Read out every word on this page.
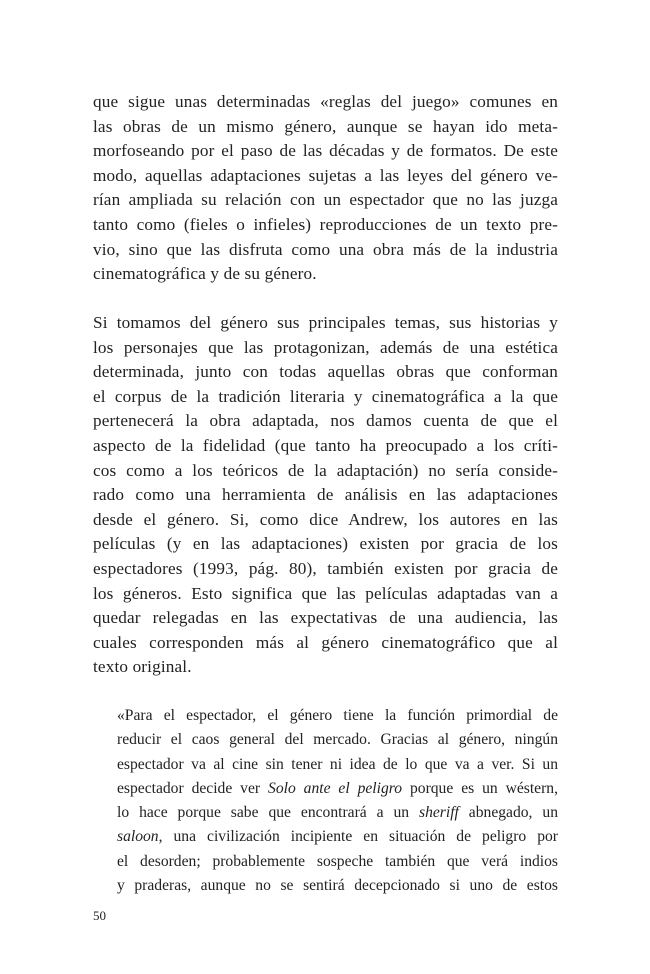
que sigue unas determinadas «reglas del juego» comunes en
las obras de un mismo género, aunque se hayan ido meta-
morfoseando por el paso de las décadas y de formatos. De este
modo, aquellas adaptaciones sujetas a las leyes del género ve-
rían ampliada su relación con un espectador que no las juzga
tanto como (fieles o infieles) reproducciones de un texto pre-
vio, sino que las disfruta como una obra más de la industria
cinematográfica y de su género.

Si tomamos del género sus principales temas, sus historias y
los personajes que las protagonizan, además de una estética
determinada, junto con todas aquellas obras que conforman
el corpus de la tradición literaria y cinematográfica a la que
pertenecerá la obra adaptada, nos damos cuenta de que el
aspecto de la fidelidad (que tanto ha preocupado a los críti-
cos como a los teóricos de la adaptación) no sería conside-
rado como una herramienta de análisis en las adaptaciones
desde el género. Si, como dice Andrew, los autores en las
películas (y en las adaptaciones) existen por gracia de los
espectadores (1993, pág. 80), también existen por gracia de
los géneros. Esto significa que las películas adaptadas van a
quedar relegadas en las expectativas de una audiencia, las
cuales corresponden más al género cinematográfico que al
texto original.

«Para el espectador, el género tiene la función primordial de
reducir el caos general del mercado. Gracias al género, ningún
espectador va al cine sin tener ni idea de lo que va a ver. Si un
espectador decide ver Solo ante el peligro porque es un wéstern,
lo hace porque sabe que encontrará a un sheriff abnegado, un
saloon, una civilización incipiente en situación de peligro por
el desorden; probablemente sospeche también que verá indios
y praderas, aunque no se sentirá decepcionado si uno de estos

50
